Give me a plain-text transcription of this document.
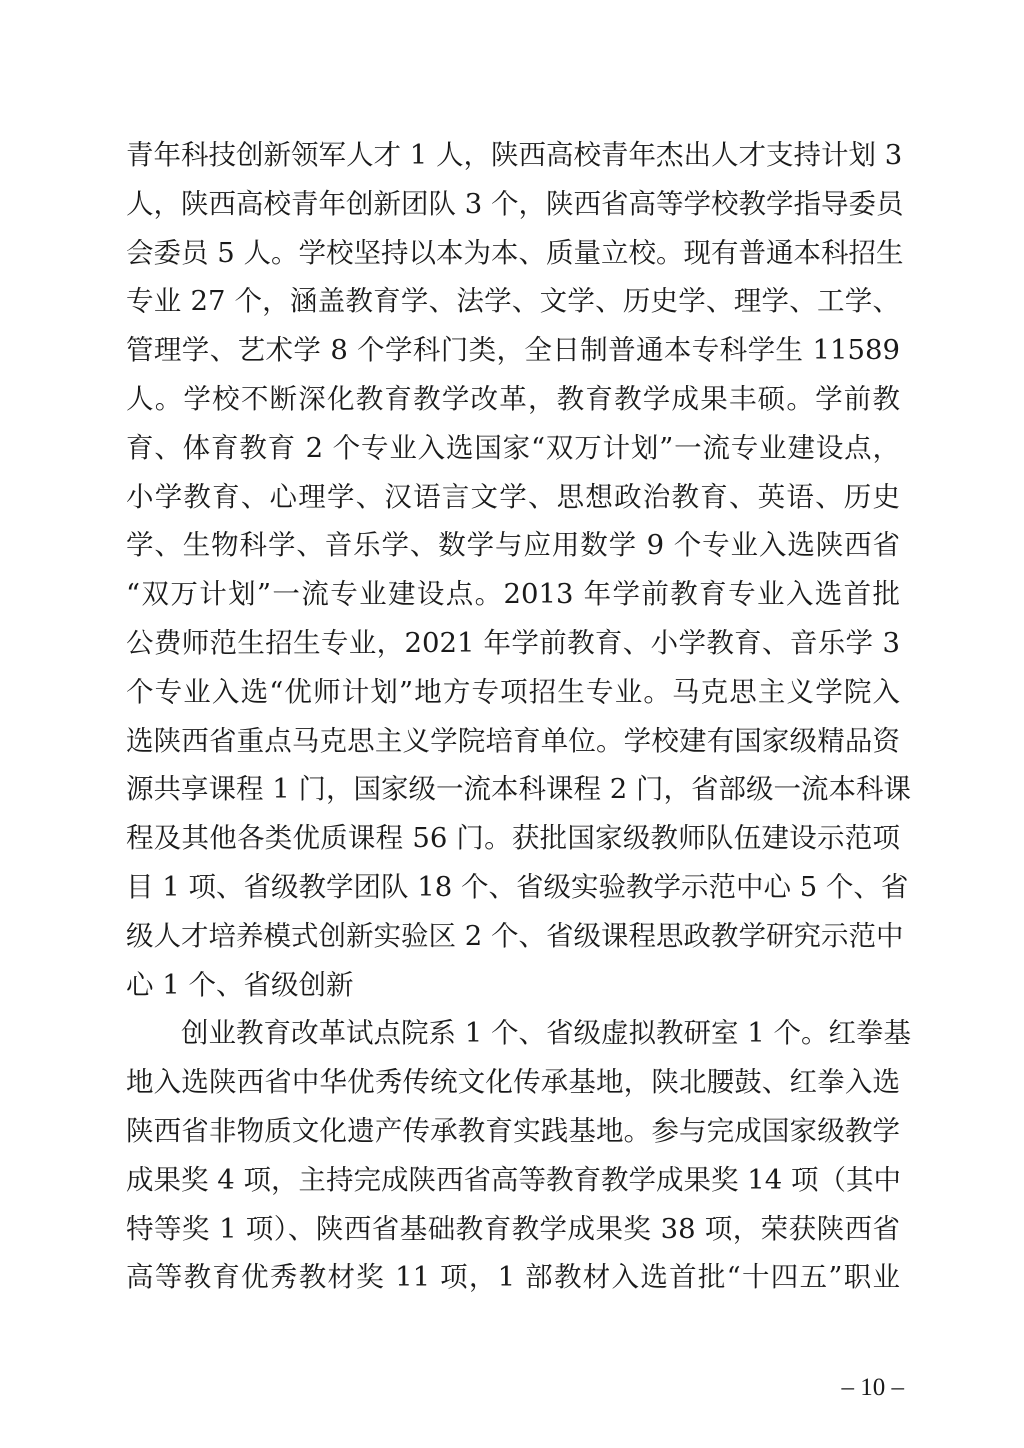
青年科技创新领军人才 1 人，陕西高校青年杰出人才支持计划 3
人，陕西高校青年创新团队 3 个，陕西省高等学校教学指导委员
会委员 5 人。学校坚持以本为本、质量立校。现有普通本科招生
专业 27 个，涵盖教育学、法学、文学、历史学、理学、工学、
管理学、艺术学 8 个学科门类，全日制普通本专科学生 11589
人。学校不断深化教育教学改革，教育教学成果丰硕。学前教
育、体育教育 2 个专业入选国家“双万计划”一流专业建设点，
小学教育、心理学、汉语言文学、思想政治教育、英语、历史
学、生物科学、音乐学、数学与应用数学 9 个专业入选陕西省
“双万计划”一流专业建设点。2013 年学前教育专业入选首批
公费师范生招生专业，2021 年学前教育、小学教育、音乐学 3
个专业入选“优师计划”地方专项招生专业。马克思主义学院入
选陕西省重点马克思主义学院培育单位。学校建有国家级精品资
源共享课程 1 门，国家级一流本科课程 2 门，省部级一流本科课
程及其他各类优质课程 56 门。获批国家级教师队伍建设示范项
目 1 项、省级教学团队 18 个、省级实验教学示范中心 5 个、省
级人才培养模式创新实验区 2 个、省级课程思政教学研究示范中
心 1 个、省级创新
创业教育改革试点院系 1 个、省级虚拟教研室 1 个。红拳基
地入选陕西省中华优秀传统文化传承基地，陕北腰鼓、红拳入选
陕西省非物质文化遗产传承教育实践基地。参与完成国家级教学
成果奖 4 项，主持完成陕西省高等教育教学成果奖 14 项（其中
特等奖 1 项）、陕西省基础教育教学成果奖 38 项，荣获陕西省
高等教育优秀教材奖 11 项，1 部教材入选首批“十四五”职业
– 10 –
